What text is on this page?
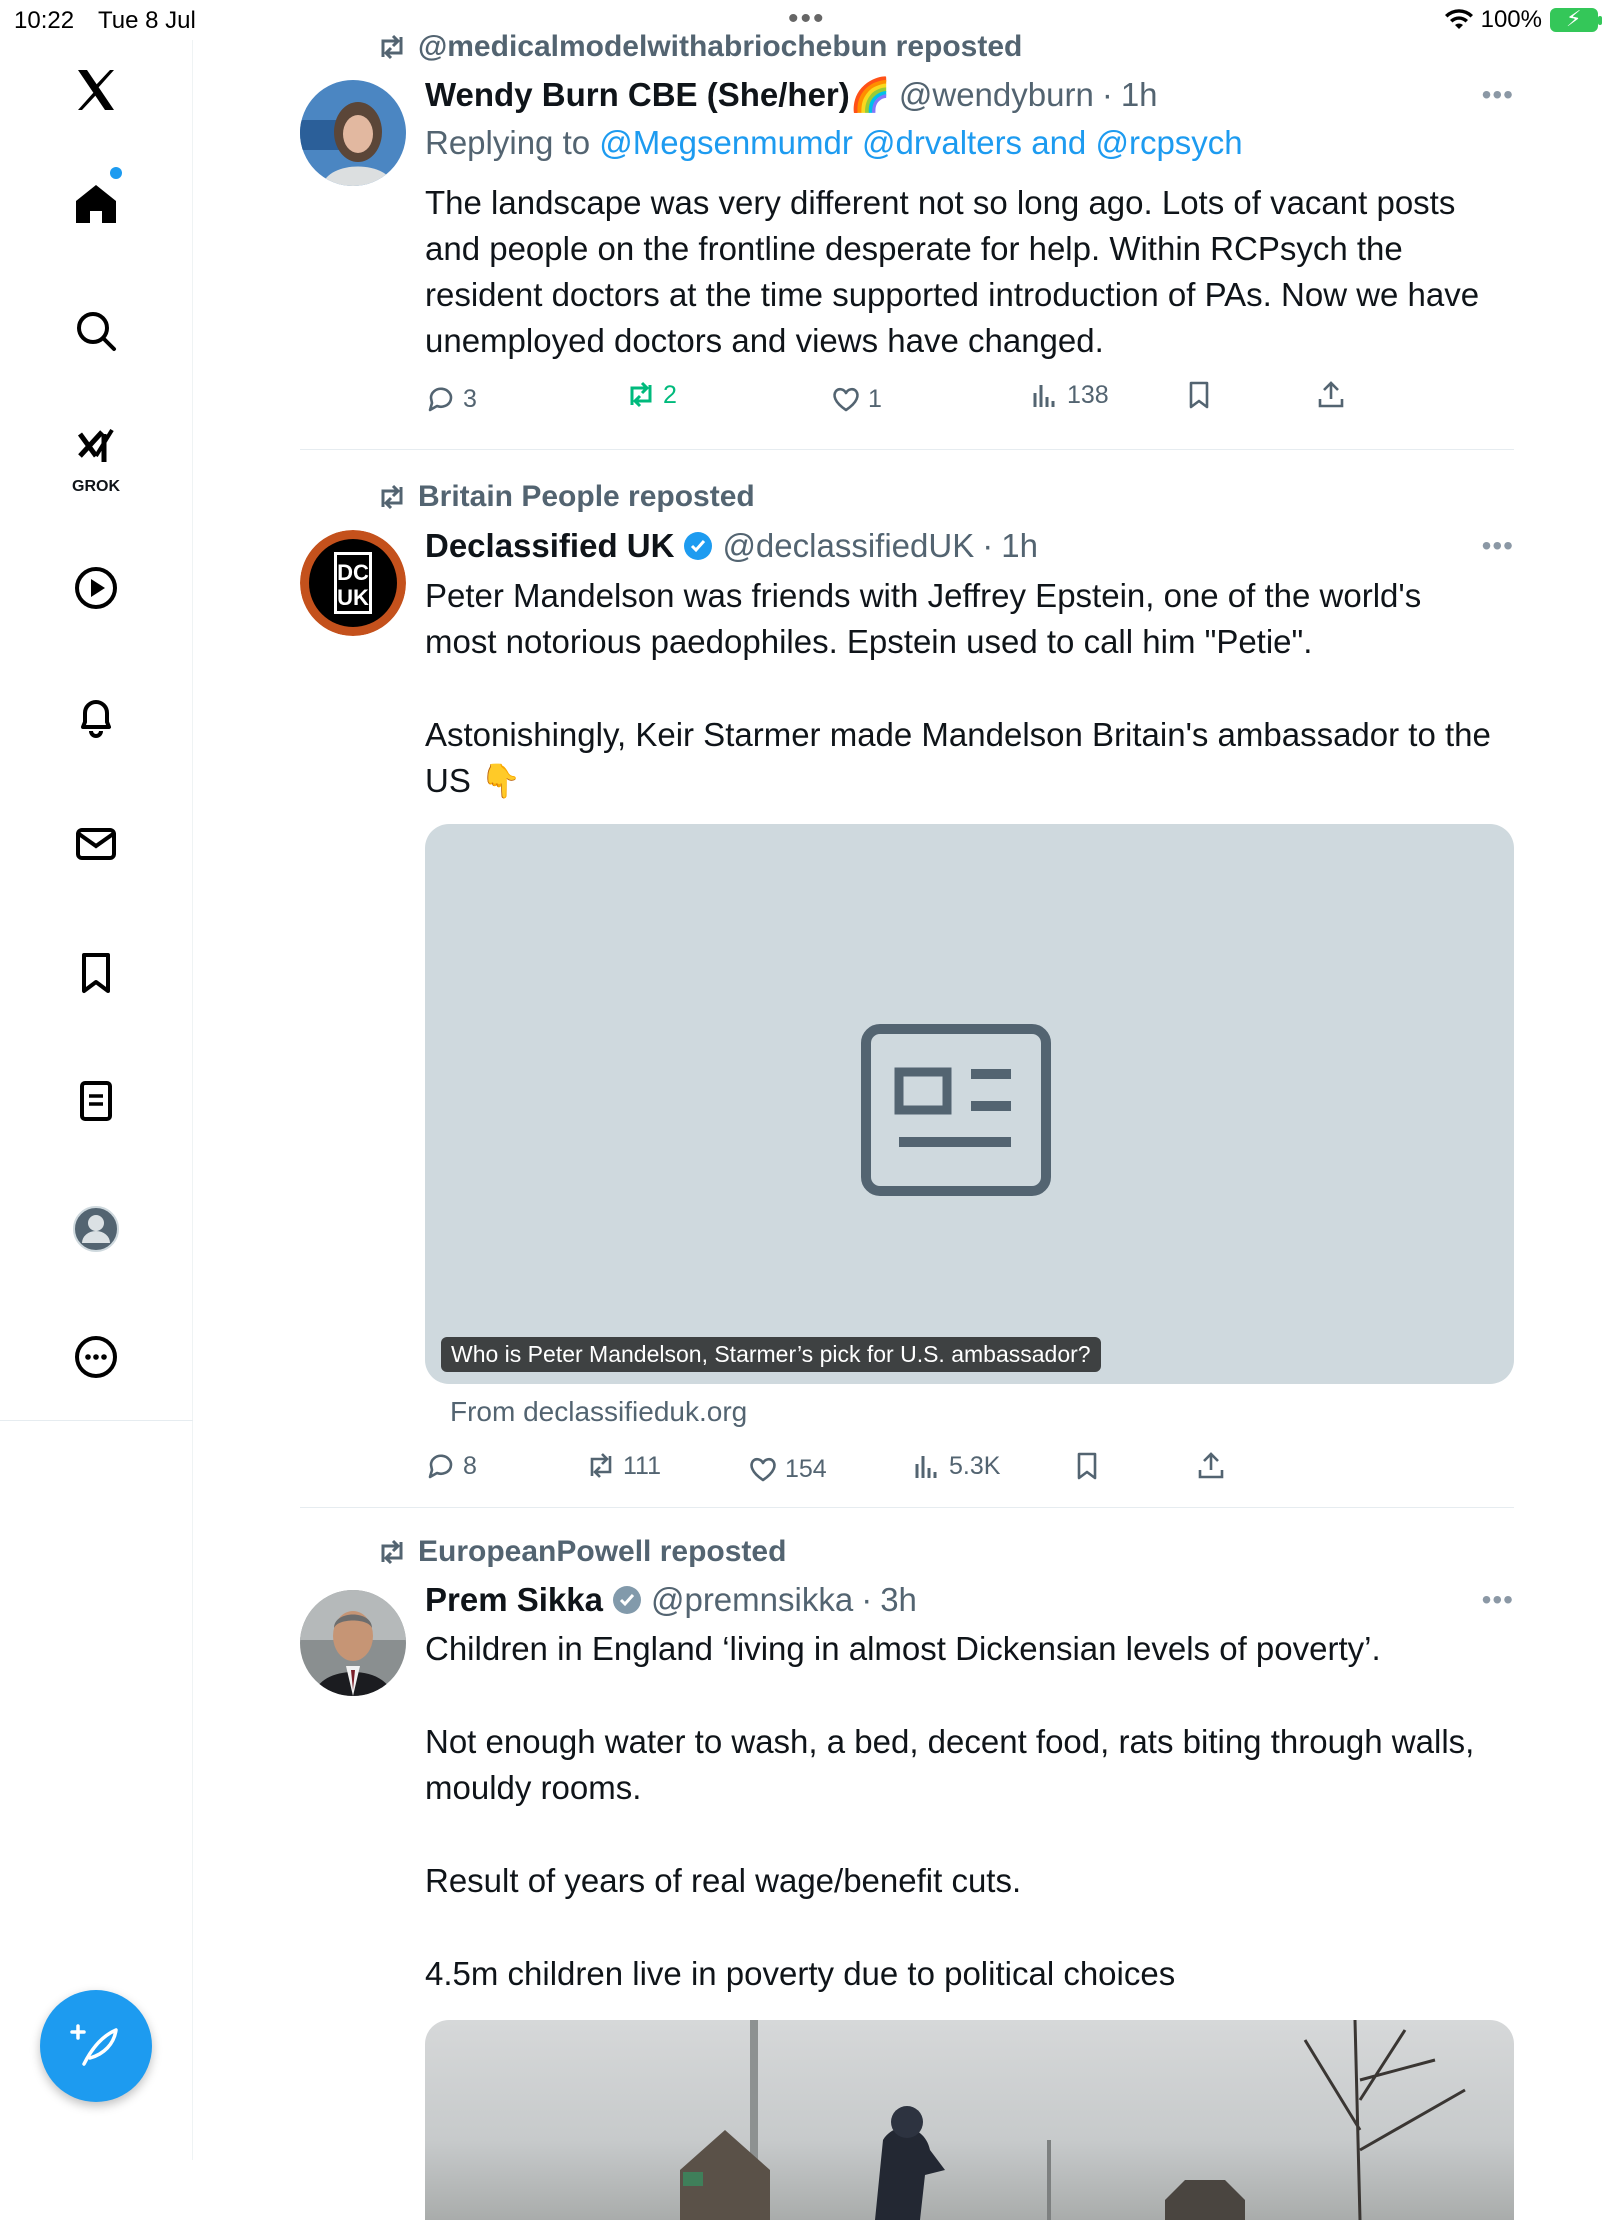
10:22 Tue 8 Jul	•••	100% ⚡
GROK
@medicalmodelwithabriochebun reposted
Wendy Burn CBE (She/her)🌈 @wendyburn · 1h	•••
Replying to @Megsenmumdr @drvalters and @rcpsych
The landscape was very different not so long ago. Lots of vacant posts and people on the frontline desperate for help. Within RCPsych the resident doctors at the time supported introduction of PAs. Now we have unemployed doctors and views have changed.
3	2	1	138
Britain People reposted
DC
UK
Declassified UK @declassifiedUK · 1h	•••
Peter Mandelson was friends with Jeffrey Epstein, one of the world's most notorious paedophiles. Epstein used to call him "Petie".
Astonishingly, Keir Starmer made Mandelson Britain's ambassador to the US 👇
Who is Peter Mandelson, Starmer’s pick for U.S. ambassador?
From declassifieduk.org
8	111	154	5.3K
EuropeanPowell reposted
Prem Sikka @premnsikka · 3h	•••
Children in England ‘living in almost Dickensian levels of poverty’.
Not enough water to wash, a bed, decent food, rats biting through walls, mouldy rooms.
Result of years of real wage/benefit cuts.
4.5m children live in poverty due to political choices
